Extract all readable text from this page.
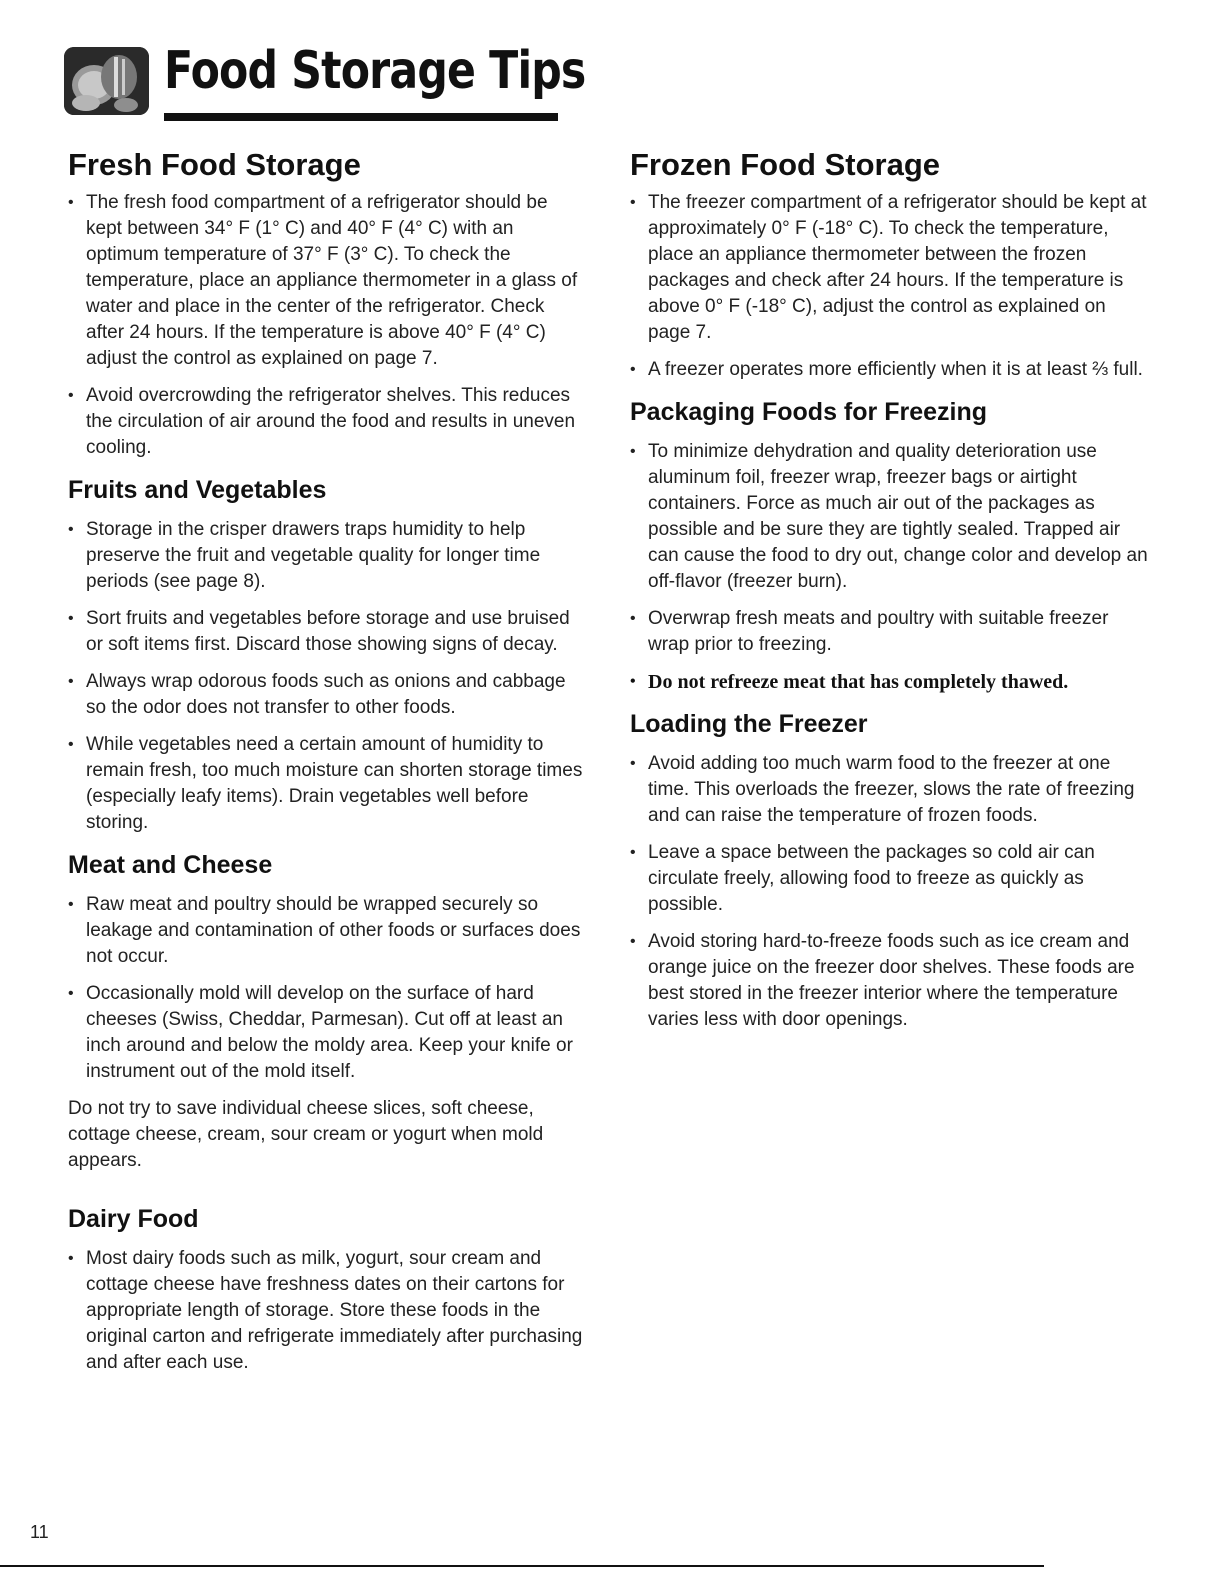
Food Storage Tips
Fresh Food Storage
• The fresh food compartment of a refrigerator should be kept between 34° F (1° C) and 40° F (4° C) with an optimum temperature of 37° F (3° C). To check the temperature, place an appliance thermometer in a glass of water and place in the center of the refrigerator. Check after 24 hours. If the temperature is above 40° F (4° C) adjust the control as explained on page 7.
• Avoid overcrowding the refrigerator shelves. This reduces the circulation of air around the food and results in uneven cooling.
Fruits and Vegetables
• Storage in the crisper drawers traps humidity to help preserve the fruit and vegetable quality for longer time periods (see page 8).
• Sort fruits and vegetables before storage and use bruised or soft items first. Discard those showing signs of decay.
• Always wrap odorous foods such as onions and cabbage so the odor does not transfer to other foods.
• While vegetables need a certain amount of humidity to remain fresh, too much moisture can shorten storage times (especially leafy items). Drain vegetables well before storing.
Meat and Cheese
• Raw meat and poultry should be wrapped securely so leakage and contamination of other foods or surfaces does not occur.
• Occasionally mold will develop on the surface of hard cheeses (Swiss, Cheddar, Parmesan). Cut off at least an inch around and below the moldy area. Keep your knife or instrument out of the mold itself.

Do not try to save individual cheese slices, soft cheese, cottage cheese, cream, sour cream or yogurt when mold appears.

Dairy Food
• Most dairy foods such as milk, yogurt, sour cream and cottage cheese have freshness dates on their cartons for appropriate length of storage. Store these foods in the original carton and refrigerate immediately after purchasing and after each use.
Frozen Food Storage
• The freezer compartment of a refrigerator should be kept at approximately 0° F (-18° C). To check the temperature, place an appliance thermometer between the frozen packages and check after 24 hours. If the temperature is above 0° F (-18° C), adjust the control as explained on page 7.
• A freezer operates more efficiently when it is at least ⅔ full.
Packaging Foods for Freezing
• To minimize dehydration and quality deterioration use aluminum foil, freezer wrap, freezer bags or airtight containers. Force as much air out of the packages as possible and be sure they are tightly sealed. Trapped air can cause the food to dry out, change color and develop an off-flavor (freezer burn).
• Overwrap fresh meats and poultry with suitable freezer wrap prior to freezing.
• Do not refreeze meat that has completely thawed.
Loading the Freezer
• Avoid adding too much warm food to the freezer at one time. This overloads the freezer, slows the rate of freezing and can raise the temperature of frozen foods.
• Leave a space between the packages so cold air can circulate freely, allowing food to freeze as quickly as possible.
• Avoid storing hard-to-freeze foods such as ice cream and orange juice on the freezer door shelves. These foods are best stored in the freezer interior where the temperature varies less with door openings.
11
